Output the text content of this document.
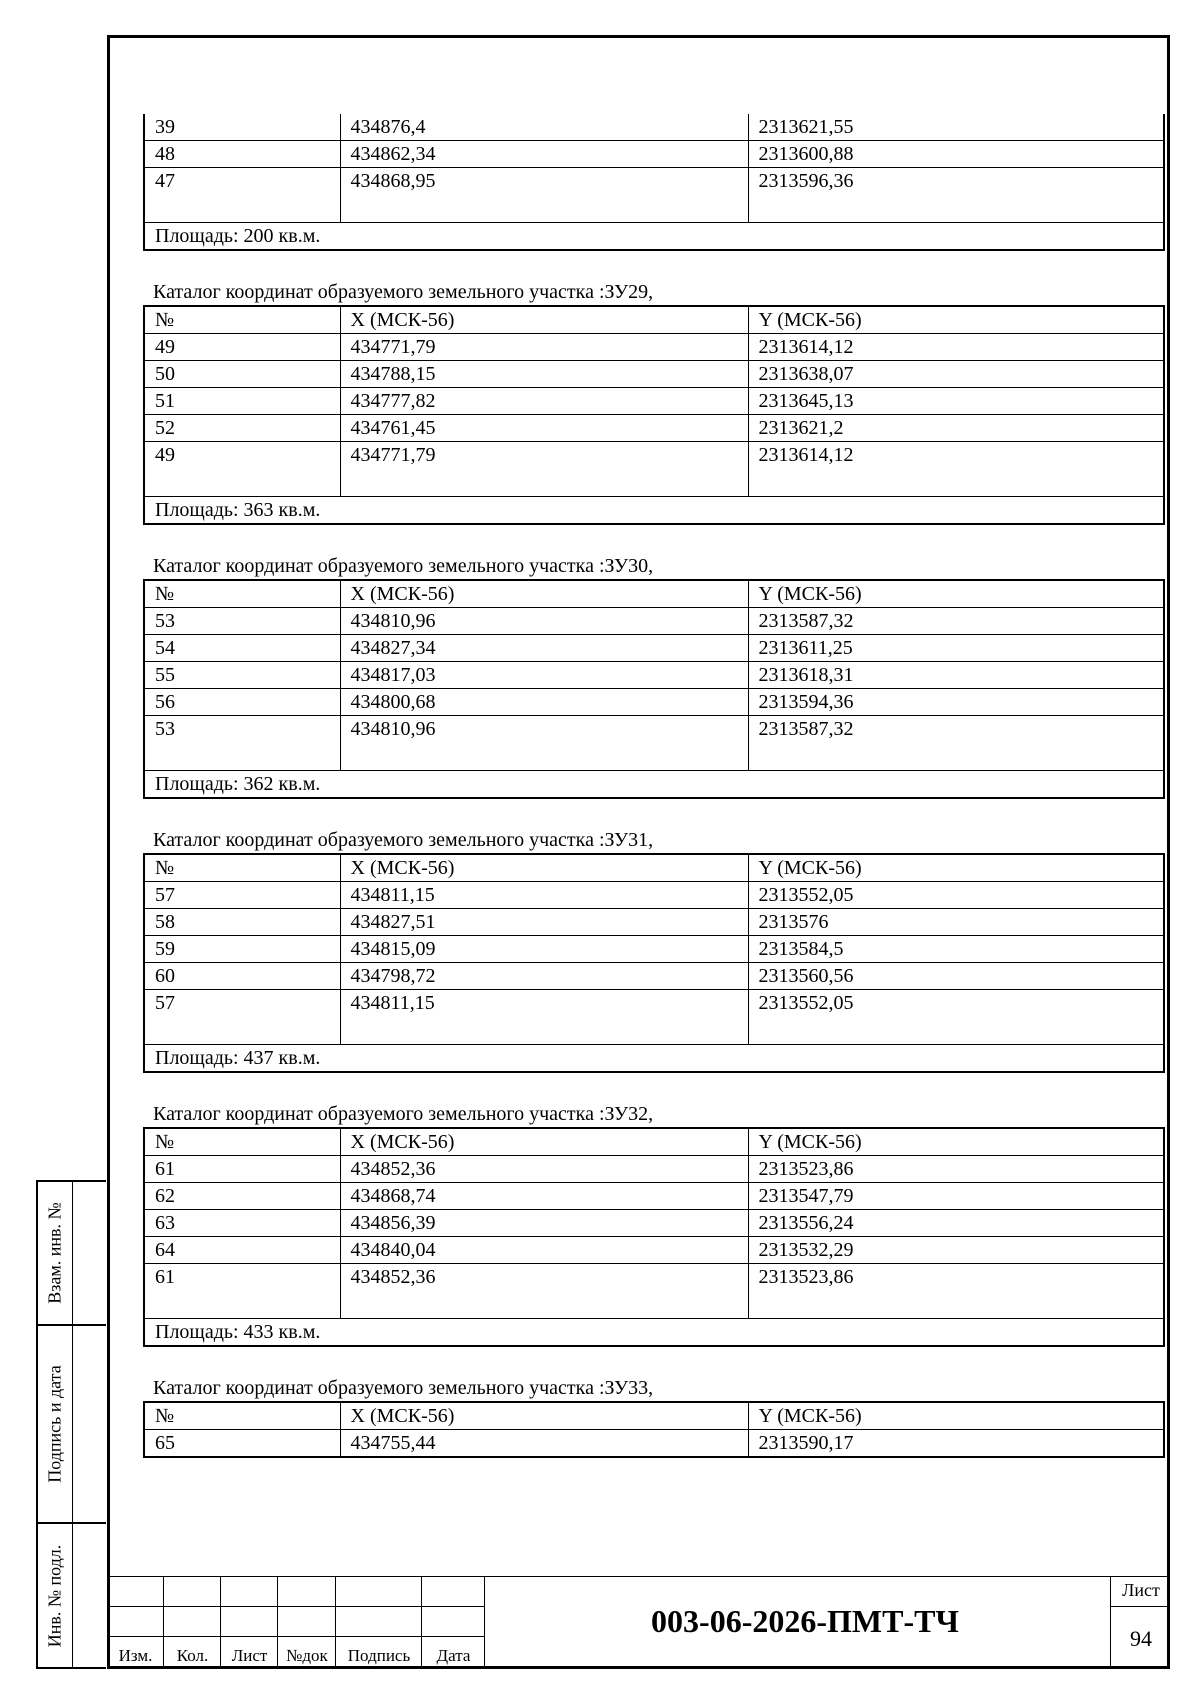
39	434876,4	2313621,55
48	434862,34	2313600,88
47	434868,95	2313596,36
Площадь: 200 кв.м.		
Каталог координат образуемого земельного участка :ЗУ29,
№	X (МСК-56)	Y (МСК-56)
49	434771,79	2313614,12
50	434788,15	2313638,07
51	434777,82	2313645,13
52	434761,45	2313621,2
49	434771,79	2313614,12
Площадь: 363 кв.м.		
Каталог координат образуемого земельного участка :ЗУ30,
№	X (МСК-56)	Y (МСК-56)
53	434810,96	2313587,32
54	434827,34	2313611,25
55	434817,03	2313618,31
56	434800,68	2313594,36
53	434810,96	2313587,32
Площадь: 362 кв.м.		
Каталог координат образуемого земельного участка :ЗУ31,
№	X (МСК-56)	Y (МСК-56)
57	434811,15	2313552,05
58	434827,51	2313576
59	434815,09	2313584,5
60	434798,72	2313560,56
57	434811,15	2313552,05
Площадь: 437 кв.м.		
Каталог координат образуемого земельного участка :ЗУ32,
№	X (МСК-56)	Y (МСК-56)
61	434852,36	2313523,86
62	434868,74	2313547,79
63	434856,39	2313556,24
64	434840,04	2313532,29
61	434852,36	2313523,86
Площадь: 433 кв.м.		
Каталог координат образуемого земельного участка :ЗУ33,
№	X (МСК-56)	Y (МСК-56)
65	434755,44	2313590,17
Взам. инв. №
Подпись и дата
Инв. № подл.
Изм.	Кол.	Лист	№док	Подпись	Дата
003-06-2026-ПМТ-ТЧ
Лист
94
